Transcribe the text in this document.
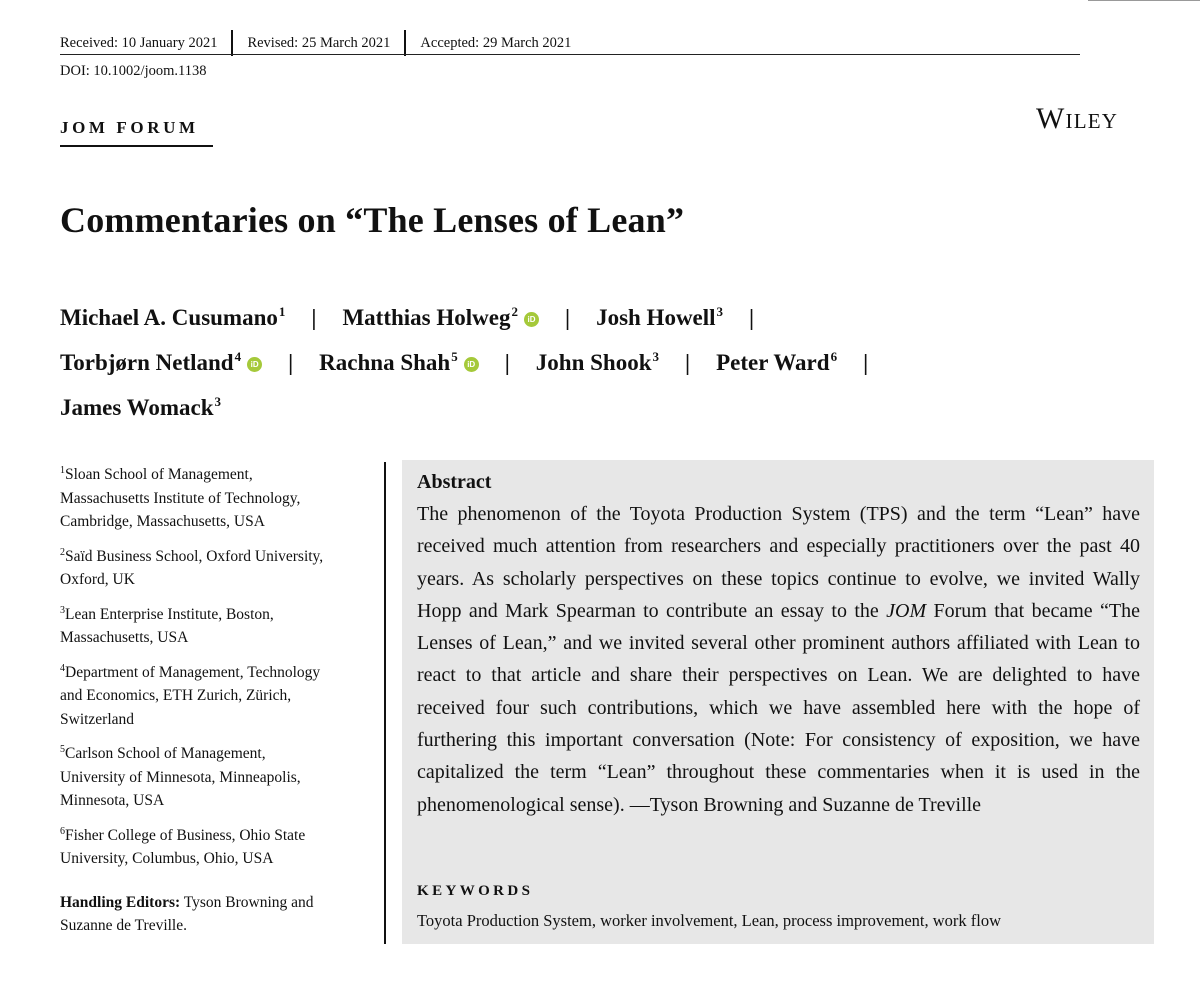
Received: 10 January 2021 Revised: 25 March 2021 Accepted: 29 March 2021
DOI: 10.1002/joom.1138
JOM FORUM	Wiley
Commentaries on “The Lenses of Lean”
Michael A. Cusumano$^1$ | Matthias Holweg$^2$iD | Josh Howell$^3$ |
Torbjørn Netland$^4$iD | Rachna Shah$^5$iD | John Shook$^3$ | Peter Ward$^6$ |
James Womack$^3$
$^1$Sloan School of Management,
Massachusetts Institute of Technology,
Cambridge, Massachusetts, USA
$^2$Saïd Business School, Oxford University,
Oxford, UK
$^3$Lean Enterprise Institute, Boston,
Massachusetts, USA
$^4$Department of Management, Technology
and Economics, ETH Zurich, Zürich,
Switzerland
$^5$Carlson School of Management,
University of Minnesota, Minneapolis,
Minnesota, USA
$^6$Fisher College of Business, Ohio State
University, Columbus, Ohio, USA
Handling Editors: Tyson Browning and
Suzanne de Treville.
Abstract
The phenomenon of the Toyota Production System (TPS) and the term “Lean” have received much attention from researchers and especially practitioners over the past 40 years. As scholarly perspectives on these topics continue to evolve, we invited Wally Hopp and Mark Spearman to contribute an essay to the JOM Forum that became “The Lenses of Lean,” and we invited several other prominent authors affiliated with Lean to react to that article and share their perspectives on Lean. We are delighted to have received four such contributions, which we have assembled here with the hope of furthering this important conversation (Note: For consistency of exposition, we have capitalized the term “Lean” throughout these commentaries when it is used in the phenomenological sense). —Tyson Browning and Suzanne de Treville
KEYWORDS
Toyota Production System, worker involvement, Lean, process improvement, work flow
